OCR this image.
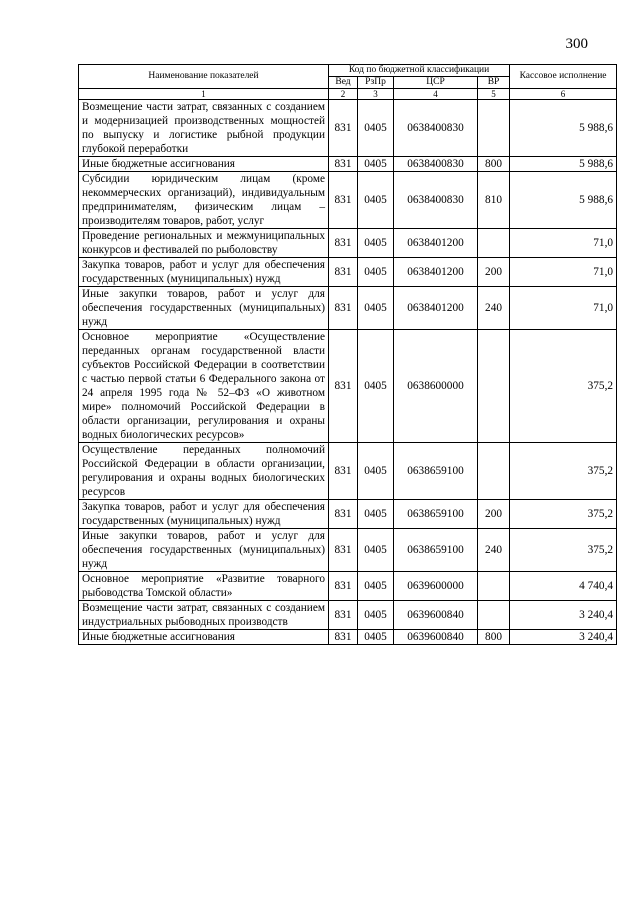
300
Наименование показателей	Код по бюджетной классификации				Кассовое исполнение
	Вед	РзПр	ЦСР	ВР	
1	2	3	4	5	6
Возмещение части затрат, связанных с созданием и модернизацией производственных мощностей по выпуску и логистике рыбной продукции глубокой переработки	831	0405	0638400830		5 988,6
Иные бюджетные ассигнования	831	0405	0638400830	800	5 988,6
Субсидии юридическим лицам (кроме некоммерческих организаций), индивидуальным предпринимателям, физическим лицам – производителям товаров, работ, услуг	831	0405	0638400830	810	5 988,6
Проведение региональных и межмуниципальных конкурсов и фестивалей по рыболовству	831	0405	0638401200		71,0
Закупка товаров, работ и услуг для обеспечения государственных (муниципальных) нужд	831	0405	0638401200	200	71,0
Иные закупки товаров, работ и услуг для обеспечения государственных (муниципальных) нужд	831	0405	0638401200	240	71,0
Основное мероприятие «Осуществление переданных органам государственной власти субъектов Российской Федерации в соответствии с частью первой статьи 6 Федерального закона от 24 апреля 1995 года № 52–ФЗ «О животном мире» полномочий Российской Федерации в области организации, регулирования и охраны водных биологических ресурсов»	831	0405	0638600000		375,2
Осуществление переданных полномочий Российской Федерации в области организации, регулирования и охраны водных биологических ресурсов	831	0405	0638659100		375,2
Закупка товаров, работ и услуг для обеспечения государственных (муниципальных) нужд	831	0405	0638659100	200	375,2
Иные закупки товаров, работ и услуг для обеспечения государственных (муниципальных) нужд	831	0405	0638659100	240	375,2
Основное мероприятие «Развитие товарного рыбоводства Томской области»	831	0405	0639600000		4 740,4
Возмещение части затрат, связанных с созданием индустриальных рыбоводных производств	831	0405	0639600840		3 240,4
Иные бюджетные ассигнования	831	0405	0639600840	800	3 240,4
